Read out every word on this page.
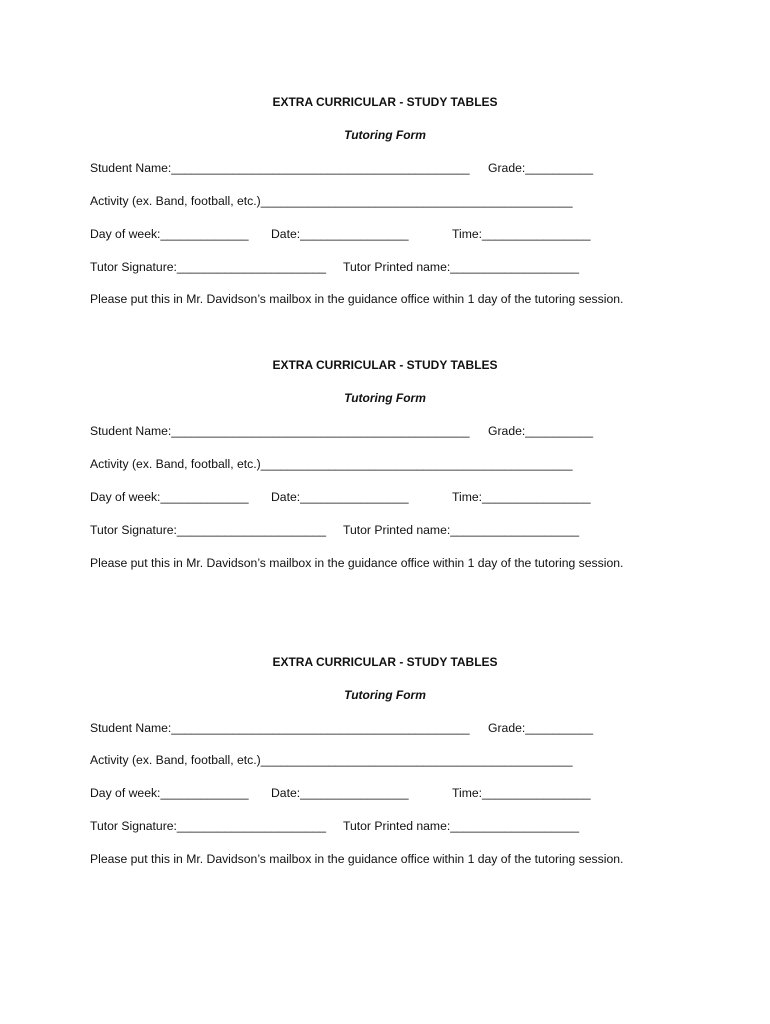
EXTRA CURRICULAR - STUDY TABLES
Tutoring Form
Student Name:____________________________________________ Grade:__________
Activity (ex. Band, football, etc.)______________________________________________
Day of week:_____________ Date:________________	Time:________________
Tutor Signature:______________________ Tutor Printed name:___________________
Please put this in Mr. Davidson’s mailbox in the guidance office within 1 day of the tutoring session.
EXTRA CURRICULAR - STUDY TABLES
Tutoring Form
Student Name:____________________________________________ Grade:__________
Activity (ex. Band, football, etc.)______________________________________________
Day of week:_____________ Date:________________	Time:________________
Tutor Signature:______________________ Tutor Printed name:___________________
Please put this in Mr. Davidson’s mailbox in the guidance office within 1 day of the tutoring session.
EXTRA CURRICULAR - STUDY TABLES
Tutoring Form
Student Name:____________________________________________ Grade:__________
Activity (ex. Band, football, etc.)______________________________________________
Day of week:_____________ Date:________________	Time:________________
Tutor Signature:______________________ Tutor Printed name:___________________
Please put this in Mr. Davidson’s mailbox in the guidance office within 1 day of the tutoring session.
